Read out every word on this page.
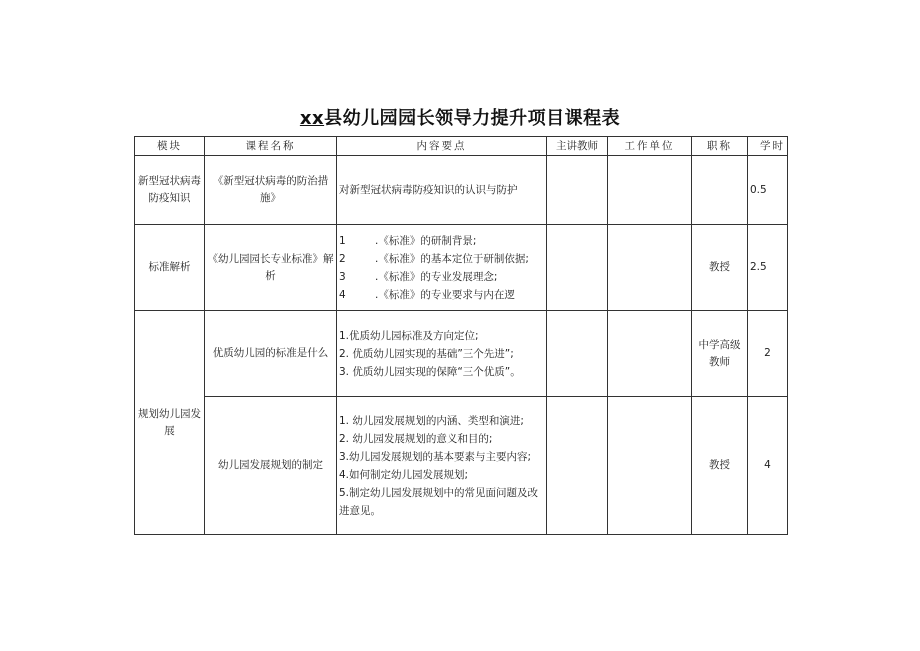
xx县幼儿园园长领导力提升项目课程表
模块	课程名称	内容要点	主讲教师	工作单位	职称	学时
新型冠状病毒防疫知识	《新型冠状病毒的防治措施》	对新型冠状病毒防疫知识的认识与防护				0.5
标准解析	《幼儿园园长专业标准》解析	1 .《标准》的研制背景;
2 .《标准》的基本定位于研制依据;
3 .《标准》的专业发展理念;
4 .《标准》的专业要求与内在逻			教授	2.5
规划幼儿园发展	优质幼儿园的标准是什么	1.优质幼儿园标准及方向定位;
2. 优质幼儿园实现的基础”三个先进”;
3. 优质幼儿园实现的保障“三个优质”。			中学高级教师	2
	幼儿园发展规划的制定	1. 幼儿园发展规划的内涵、类型和演进;
2. 幼儿园发展规划的意义和目的;
3.幼儿园发展规划的基本要素与主要内容;
4.如何制定幼儿园发展规划;
5.制定幼儿园发展规划中的常见面问题及改进意见。			教授	4
